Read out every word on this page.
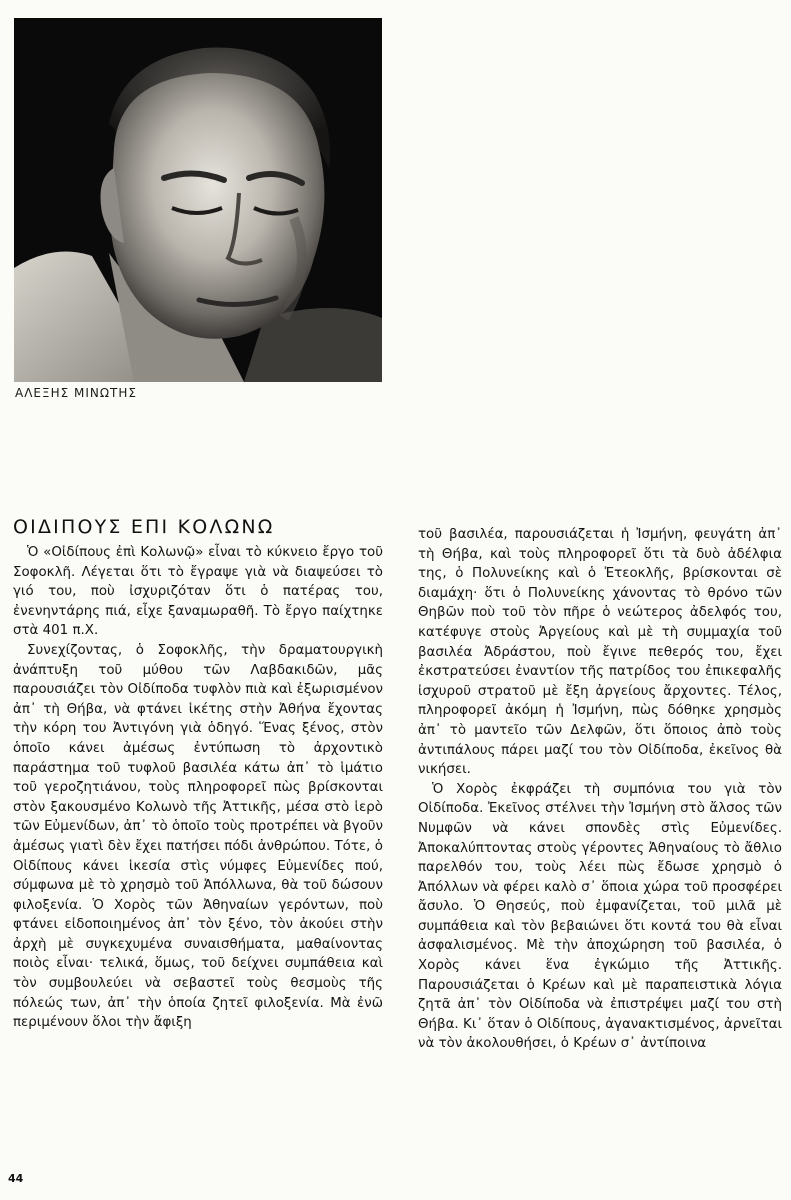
ΑΛΕΞΗΣ ΜΙΝΩΤΗΣ
ΟΙΔΙΠΟΥΣ ΕΠΙ ΚΟΛΩΝΩ

Ὁ «Οἰδίπους ἐπὶ Κολωνῷ» εἶναι τὸ κύκνειο ἔργο τοῦ Σοφοκλῆ. Λέγεται ὅτι τὸ ἔγραψε γιὰ νὰ διαψεύσει τὸ γιό του, ποὺ ἰσχυριζόταν ὅτι ὁ πατέρας του, ἐνενηντάρης πιά, εἶχε ξαναμωραθῆ. Τὸ ἔργο παίχτηκε στὰ 401 π.Χ.

Συνεχίζοντας, ὁ Σοφοκλῆς, τὴν δραματουργικὴ ἀνάπτυξη τοῦ μύθου τῶν Λαβδακιδῶν, μᾶς παρουσιάζει τὸν Οἰδίποδα τυφλὸν πιὰ καὶ ἐξωρισμένον ἀπ᾽ τὴ Θήβα, νὰ φτάνει ἱκέτης στὴν Ἀθήνα ἔχοντας τὴν κόρη του Ἀντιγόνη γιὰ ὁδηγό. Ἕνας ξένος, στὸν ὁποῖο κάνει ἀμέσως ἐντύπωση τὸ ἀρχοντικὸ παράστημα τοῦ τυφλοῦ βασιλέα κάτω ἀπ᾽ τὸ ἱμάτιο τοῦ γεροζητιάνου, τοὺς πληροφορεῖ πὼς βρίσκονται στὸν ξακουσμένο Κολωνὸ τῆς Ἀττικῆς, μέσα στὸ ἱερὸ τῶν Εὐμενίδων, ἀπ᾽ τὸ ὁποῖο τοὺς προτρέπει νὰ βγοῦν ἀμέσως γιατὶ δὲν ἔχει πατήσει πόδι ἀνθρώπου. Τότε, ὁ Οἰδίπους κάνει ἱκεσία στὶς νύμφες Εὐμενίδες πού, σύμφωνα μὲ τὸ χρησμὸ τοῦ Ἀπόλλωνα, θὰ τοῦ δώσουν φιλοξενία. Ὁ Χορὸς τῶν Ἀθηναίων γερόντων, ποὺ φτάνει εἰδοποιημένος ἀπ᾽ τὸν ξένο, τὸν ἀκούει στὴν ἀρχὴ μὲ συγκεχυμένα συναισθήματα, μαθαίνοντας ποιὸς εἶναι· τελικά, ὅμως, τοῦ δείχνει συμπάθεια καὶ τὸν συμβουλεύει νὰ σεβαστεῖ τοὺς θεσμοὺς τῆς πόλεώς των, ἀπ᾽ τὴν ὁποία ζητεῖ φιλοξενία. Μὰ ἐνῶ περιμένουν ὅλοι τὴν ἄφιξη

τοῦ βασιλέα, παρουσιάζεται ἡ Ἰσμήνη, φευγάτη ἀπ᾽ τὴ Θήβα, καὶ τοὺς πληροφορεῖ ὅτι τὰ δυὸ ἀδέλφια της, ὁ Πολυνείκης καὶ ὁ Ἐτεοκλῆς, βρίσκονται σὲ διαμάχη· ὅτι ὁ Πολυνείκης χάνοντας τὸ θρόνο τῶν Θηβῶν ποὺ τοῦ τὸν πῆρε ὁ νεώτερος ἀδελφός του, κατέφυγε στοὺς Ἀργείους καὶ μὲ τὴ συμμαχία τοῦ βασιλέα Ἀδράστου, ποὺ ἔγινε πεθερός του, ἔχει ἐκστρατεύσει ἐναντίον τῆς πατρίδος του ἐπικεφαλῆς ἰσχυροῦ στρατοῦ μὲ ἔξη ἀργείους ἄρχοντες. Τέλος, πληροφορεῖ ἀκόμη ἡ Ἰσμήνη, πὼς δόθηκε χρησμὸς ἀπ᾽ τὸ μαντεῖο τῶν Δελφῶν, ὅτι ὅποιος ἀπὸ τοὺς ἀντιπάλους πάρει μαζί του τὸν Οἰδίποδα, ἐκεῖνος θὰ νικήσει.

Ὁ Χορὸς ἐκφράζει τὴ συμπόνια του γιὰ τὸν Οἰδίποδα. Ἐκεῖνος στέλνει τὴν Ἰσμήνη στὸ ἄλσος τῶν Νυμφῶν νὰ κάνει σπονδὲς στὶς Εὐμενίδες. Ἀποκαλύπτοντας στοὺς γέροντες Ἀθηναίους τὸ ἄθλιο παρελθόν του, τοὺς λέει πὼς ἔδωσε χρησμὸ ὁ Ἀπόλλων νὰ φέρει καλὸ σ᾽ ὅποια χώρα τοῦ προσφέρει ἄσυλο. Ὁ Θησεύς, ποὺ ἐμφανίζεται, τοῦ μιλᾶ μὲ συμπάθεια καὶ τὸν βεβαιώνει ὅτι κοντά του θὰ εἶναι ἀσφαλισμένος. Μὲ τὴν ἀποχώρηση τοῦ βασιλέα, ὁ Χορὸς κάνει ἕνα ἐγκώμιο τῆς Ἀττικῆς. Παρουσιάζεται ὁ Κρέων καὶ μὲ παραπειστικὰ λόγια ζητᾶ ἀπ᾽ τὸν Οἰδίποδα νὰ ἐπιστρέψει μαζί του στὴ Θήβα. Κι᾽ ὅταν ὁ Οἰδίπους, ἀγανακτισμένος, ἀρνεῖται νὰ τὸν ἀκολουθήσει, ὁ Κρέων σ᾽ ἀντίποινα

44
